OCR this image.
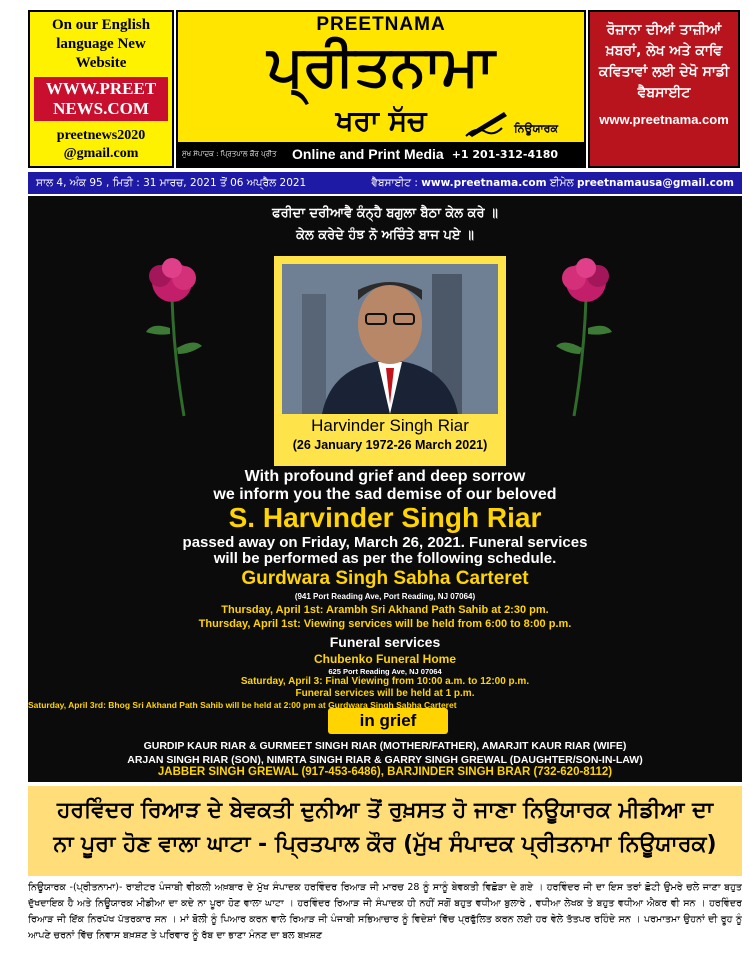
On our English language New Website
WWW.PREET NEWS.COM
preetnews2020 @gmail.com
PREETNAMA
ਪ੍ਰੀਤਨਾਮਾ
ਖਰਾ ਸੱਚ	ਨਿਊਯਾਰਕ
ਮੁੱਖ ਸੰਪਾਦਕ : ਪ੍ਰਿਤਪਾਲ ਕੌਰ ਪ੍ਰੀਤ	Online and Print Media +1 201-312-4180
ਰੋਜ਼ਾਨਾ ਦੀਆਂ ਤਾਜ਼ੀਆਂ ਖ਼ਬਰਾਂ, ਲੇਖ ਅਤੇ ਕਾਵਿ ਕਵਿਤਾਵਾਂ ਲਈ ਦੇਖੋ ਸਾਡੀ ਵੈਬਸਾਈਟ
www.preetnama.com
ਸਾਲ 4, ਅੰਕ 95 , ਮਿਤੀ : 31 ਮਾਰਚ, 2021 ਤੋਂ 06 ਅਪ੍ਰੈਲ 2021	ਵੈਬਸਾਈਟ : www.preetnama.com ਈਮੇਲ preetnamausa@gmail.com
ਫਰੀਦਾ ਦਰੀਆਵੈ ਕੰਨ੍ਹੈ ਬਗੁਲਾ ਬੈਠਾ ਕੇਲ ਕਰੇ ॥
ਕੇਲ ਕਰੇਦੇ ਹੰਝ ਨੋ ਅਚਿੰਤੇ ਬਾਜ ਪਏ ॥
Harvinder Singh Riar
(26 January 1972-26 March 2021)
With profound grief and deep sorrow
we inform you the sad demise of our beloved
S. Harvinder Singh Riar
passed away on Friday, March 26, 2021. Funeral services
will be performed as per the following schedule.
Gurdwara Singh Sabha Carteret
(941 Port Reading Ave, Port Reading, NJ 07064)
Thursday, April 1st: Arambh Sri Akhand Path Sahib at 2:30 pm.
Thursday, April 1st: Viewing services will be held from 6:00 to 8:00 p.m.
Funeral services
Chubenko Funeral Home
625 Port Reading Ave, NJ 07064
Saturday, April 3: Final Viewing from 10:00 a.m. to 12:00 p.m.
Funeral services will be held at 1 p.m.
in grief
GURDIP KAUR RIAR & GURMEET SINGH RIAR (MOTHER/FATHER), AMARJIT KAUR RIAR (WIFE)
ARJAN SINGH RIAR (SON), NIMRTA SINGH RIAR & GARRY SINGH GREWAL (DAUGHTER/SON-IN-LAW)
Saturday, April 3rd: Bhog Sri Akhand Path Sahib will be held at 2:00 pm at Gurdwara Singh Sabha Carteret
JABBER SINGH GREWAL (917-453-6486), BARJINDER SINGH BRAR (732-620-8112)
ਹਰਵਿੰਦਰ ਰਿਆੜ ਦੇ ਬੇਵਕਤੀ ਦੁਨੀਆ ਤੋਂ ਰੁਖ਼ਸਤ ਹੋ ਜਾਣਾ ਨਿਊਯਾਰਕ ਮੀਡੀਆ ਦਾ
ਨਾ ਪੂਰਾ ਹੋਣ ਵਾਲਾ ਘਾਟਾ - ਪ੍ਰਿਤਪਾਲ ਕੌਰ (ਮੁੱਖ ਸੰਪਾਦਕ ਪ੍ਰੀਤਨਾਮਾ ਨਿਊਯਾਰਕ)
ਨਿਊਯਾਰਕ -(ਪ੍ਰੀਤਨਾਮਾ)- ਰਾਈਟਰ ਪੰਜਾਬੀ ਵੀਕਲੀ ਅਖ਼ਬਾਰ ਦੇ ਮੁੱਖ ਸੰਪਾਦਕ ਹਰਵਿੰਦਰ ਰਿਆੜ ਜੀ ਮਾਰਚ 28 ਨੂੰ ਸਾਨੂੰ ਬੇਵਕਤੀ ਵਿਛੋੜਾ ਦੇ ਗਏ । ਹਰਵਿੰਦਰ ਜੀ ਦਾ ਇਸ ਤਰਾਂ ਛੋਟੀ ਉਮਰੇ ਚਲੇ ਜਾਣਾ ਬਹੁਤ ਦੁੱਖਦਾਇਕ ਹੈ ਅਤੇ ਨਿਊਯਾਰਕ ਮੀਡੀਆ ਦਾ ਕਦੇ ਨਾ ਪੂਰਾ ਹੋਣ ਵਾਲਾ ਘਾਟਾ । ਹਰਵਿੰਦਰ ਰਿਆੜ ਜੀ ਸੰਪਾਦਕ ਹੀ ਨਹੀਂ ਸਗੋਂ ਬਹੁਤ ਵਧੀਆ ਬੁਲਾਰੇ , ਵਧੀਆ ਲੇਖਕ ਤੇ ਬਹੁਤ ਵਧੀਆ ਐਕਰ ਵੀ ਸਨ । ਹਰਵਿੰਦਰ ਰਿਆੜ ਜੀ ਇੱਕ ਨਿਰਪੱਖ ਪੱਤਰਕਾਰ ਸਨ । ਮਾਂ ਬੋਲੀ ਨੂੰ ਪਿਆਰ ਕਰਨ ਵਾਲੇ ਰਿਆੜ ਜੀ ਪੰਜਾਬੀ ਸਭਿਆਚਾਰ ਨੂੰ ਵਿਦੇਸ਼ਾਂ ਵਿੱਚ ਪ੍ਰਫੁੱਲਿਤ ਕਰਨ ਲਈ ਹਰ ਵੇਲੇ ਤੱਤਪਰ ਰਹਿੰਦੇ ਸਨ । ਪਰਮਾਤਮਾ ਉਹਨਾਂ ਦੀ ਰੂਹ ਨੂੰ ਆਪਣੇ ਚਰਨਾਂ ਵਿੱਚ ਨਿਵਾਸ ਬਖ਼ਸ਼ਣ ਤੇ ਪਰਿਵਾਰ ਨੂੰ ਰੱਬ ਦਾ ਭਾਣਾ ਮੰਨਣ ਦਾ ਬਲ ਬਖ਼ਸ਼ਣ
